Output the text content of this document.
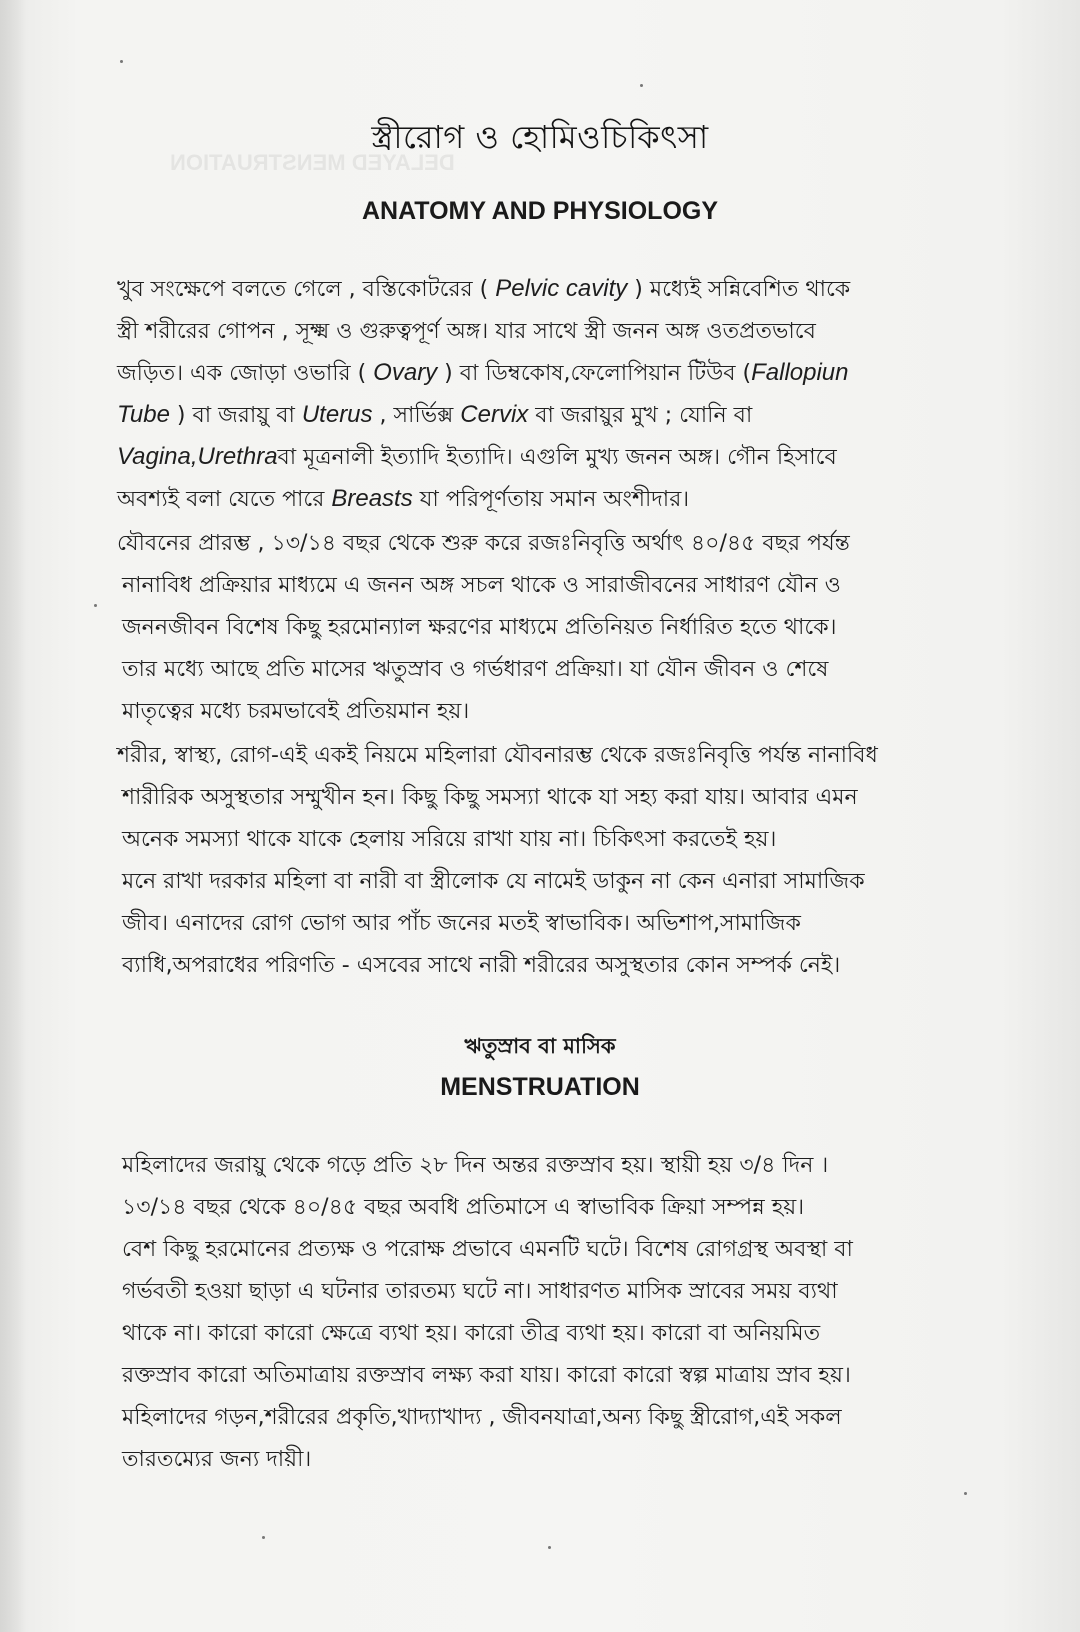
DELAYED MENSTRUATION
স্ত্রীরোগ ও হোমিওচিকিৎসা
ANATOMY AND PHYSIOLOGY
খুব সংক্ষেপে বলতে গেলে , বস্তিকোটরের ( Pelvic cavity ) মধ্যেই সন্নিবেশিত থাকে
স্ত্রী শরীরের গোপন , সূক্ষ্ম ও গুরুত্বপূর্ণ অঙ্গ। যার সাথে স্ত্রী জনন অঙ্গ ওতপ্রতভাবে
জড়িত। এক জোড়া ওভারি ( Ovary ) বা ডিম্বকোষ,ফেলোপিয়ান টিউব (Fallopiun
Tube ) বা জরায়ু বা Uterus , সার্ভিক্স Cervix বা জরায়ুর মুখ ; যোনি বা
Vagina,Urethraবা মূত্রনালী ইত্যাদি ইত্যাদি। এগুলি মুখ্য জনন অঙ্গ। গৌন হিসাবে
অবশ্যই বলা যেতে পারে Breasts যা পরিপূর্ণতায় সমান অংশীদার।
যৌবনের প্রারম্ভ , ১৩/১৪ বছর থেকে শুরু করে রজঃনিবৃত্তি অর্থাৎ ৪০/৪৫ বছর পর্যন্ত
নানাবিধ প্রক্রিয়ার মাধ্যমে এ জনন অঙ্গ সচল থাকে ও সারাজীবনের সাধারণ যৌন ও
জননজীবন বিশেষ কিছু হরমোন্যাল ক্ষরণের মাধ্যমে প্রতিনিয়ত নির্ধারিত হতে থাকে।
তার মধ্যে আছে প্রতি মাসের ঋতুস্রাব ও গর্ভধারণ প্রক্রিয়া। যা যৌন জীবন ও শেষে
মাতৃত্বের মধ্যে চরমভাবেই প্রতিয়মান হয়।
শরীর, স্বাস্থ্য, রোগ-এই একই নিয়মে মহিলারা যৌবনারম্ভ থেকে রজঃনিবৃত্তি পর্যন্ত নানাবিধ
শারীরিক অসুস্থতার সম্মুখীন হন। কিছু কিছু সমস্যা থাকে যা সহ্য করা যায়। আবার এমন
অনেক সমস্যা থাকে যাকে হেলায় সরিয়ে রাখা যায় না। চিকিৎসা করতেই হয়।
মনে রাখা দরকার মহিলা বা নারী বা স্ত্রীলোক যে নামেই ডাকুন না কেন এনারা সামাজিক
জীব। এনাদের রোগ ভোগ আর পাঁচ জনের মতই স্বাভাবিক। অভিশাপ,সামাজিক
ব্যাধি,অপরাধের পরিণতি - এসবের সাথে নারী শরীরের অসুস্থতার কোন সম্পর্ক নেই।
ঋতুস্রাব বা মাসিক
MENSTRUATION
মহিলাদের জরায়ু থেকে গড়ে প্রতি ২৮ দিন অন্তর রক্তস্রাব হয়। স্থায়ী হয় ৩/৪ দিন ।
১৩/১৪ বছর থেকে ৪০/৪৫ বছর অবধি প্রতিমাসে এ স্বাভাবিক ক্রিয়া সম্পন্ন হয়।
বেশ কিছু হরমোনের প্রত্যক্ষ ও পরোক্ষ প্রভাবে এমনটি ঘটে। বিশেষ রোগগ্রস্থ অবস্থা বা
গর্ভবতী হওয়া ছাড়া এ ঘটনার তারতম্য ঘটে না। সাধারণত মাসিক স্রাবের সময় ব্যথা
থাকে না। কারো কারো ক্ষেত্রে ব্যথা হয়। কারো তীব্র ব্যথা হয়। কারো বা অনিয়মিত
রক্তস্রাব কারো অতিমাত্রায় রক্তস্রাব লক্ষ্য করা যায়। কারো কারো স্বল্প মাত্রায় স্রাব হয়।
মহিলাদের গড়ন,শরীরের প্রকৃতি,খাদ্যাখাদ্য , জীবনযাত্রা,অন্য কিছু স্ত্রীরোগ,এই সকল
তারতম্যের জন্য দায়ী।
